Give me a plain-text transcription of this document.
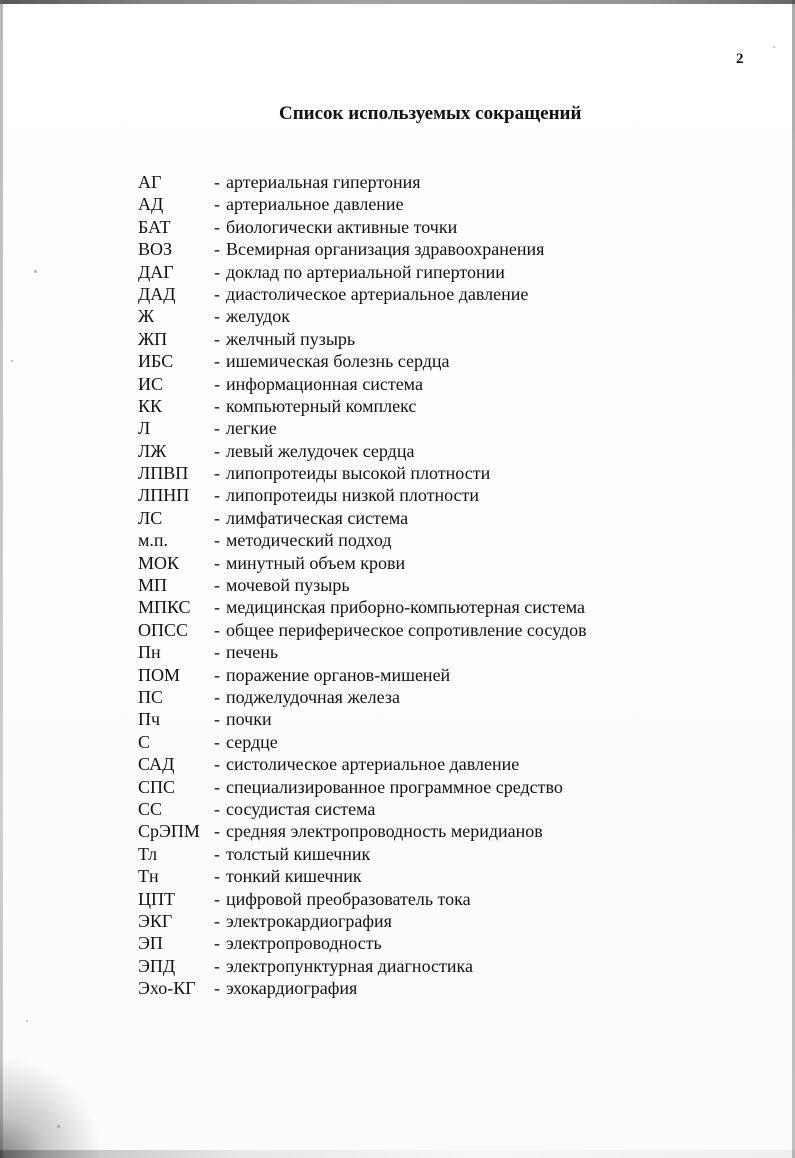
2
Список используемых сокращений
АГ	- артериальная гипертония
АД	- артериальное давление
БАТ	- биологически активные точки
ВОЗ	- Всемирная организация здравоохранения
ДАГ	- доклад по артериальной гипертонии
ДАД	- диастолическое артериальное давление
Ж	- желудок
ЖП	- желчный пузырь
ИБС	- ишемическая болезнь сердца
ИС	- информационная система
КК	- компьютерный комплекс
Л	- легкие
ЛЖ	- левый желудочек сердца
ЛПВП	- липопротеиды высокой плотности
ЛПНП	- липопротеиды низкой плотности
ЛС	- лимфатическая система
м.п.	- методический подход
МОК	- минутный объем крови
МП	- мочевой пузырь
МПКС	- медицинская приборно-компьютерная система
ОПСС	- общее периферическое сопротивление сосудов
Пн	- печень
ПОМ	- поражение органов-мишеней
ПС	- поджелудочная железа
Пч	- почки
С	- сердце
САД	- систолическое артериальное давление
СПС	- специализированное программное средство
СС	- сосудистая система
СрЭПМ - средняя электропроводность меридианов
Тл	- толстый кишечник
Тн	- тонкий кишечник
ЦПТ	- цифровой преобразователь тока
ЭКГ	- электрокардиография
ЭП	- электропроводность
ЭПД	- электропунктурная диагностика
Эхо-КГ	- эхокардиография
